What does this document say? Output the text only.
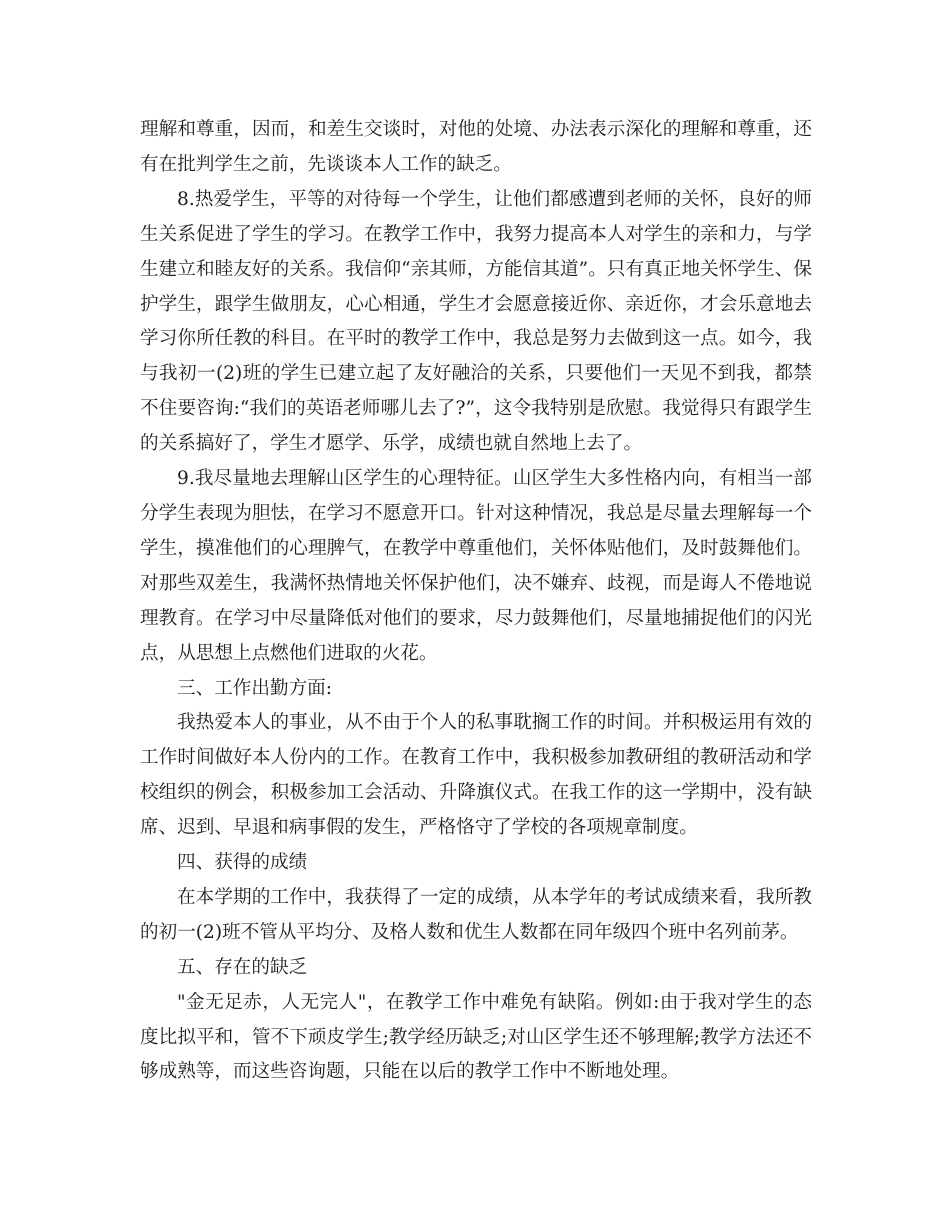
理解和尊重，因而，和差生交谈时，对他的处境、办法表示深化的理解和尊重，还有在批判学生之前，先谈谈本人工作的缺乏。

8.热爱学生，平等的对待每一个学生，让他们都感遭到老师的关怀，良好的师生关系促进了学生的学习。在教学工作中，我努力提高本人对学生的亲和力，与学生建立和睦友好的关系。我信仰“亲其师，方能信其道”。只有真正地关怀学生、保护学生，跟学生做朋友，心心相通，学生才会愿意接近你、亲近你，才会乐意地去学习你所任教的科目。在平时的教学工作中，我总是努力去做到这一点。如今，我与我初一(2)班的学生已建立起了友好融洽的关系，只要他们一天见不到我，都禁不住要咨询:“我们的英语老师哪儿去了?”，这令我特别是欣慰。我觉得只有跟学生的关系搞好了，学生才愿学、乐学，成绩也就自然地上去了。

9.我尽量地去理解山区学生的心理特征。山区学生大多性格内向，有相当一部分学生表现为胆怯，在学习不愿意开口。针对这种情况，我总是尽量去理解每一个学生，摸准他们的心理脾气，在教学中尊重他们，关怀体贴他们，及时鼓舞他们。对那些双差生，我满怀热情地关怀保护他们，决不嫌弃、歧视，而是诲人不倦地说理教育。在学习中尽量降低对他们的要求，尽力鼓舞他们，尽量地捕捉他们的闪光点，从思想上点燃他们进取的火花。

三、工作出勤方面:

我热爱本人的事业，从不由于个人的私事耽搁工作的时间。并积极运用有效的工作时间做好本人份内的工作。在教育工作中，我积极参加教研组的教研活动和学校组织的例会，积极参加工会活动、升降旗仪式。在我工作的这一学期中，没有缺席、迟到、早退和病事假的发生，严格恪守了学校的各项规章制度。

四、获得的成绩

在本学期的工作中，我获得了一定的成绩，从本学年的考试成绩来看，我所教的初一(2)班不管从平均分、及格人数和优生人数都在同年级四个班中名列前茅。

五、存在的缺乏

"金无足赤，人无完人"，在教学工作中难免有缺陷。例如:由于我对学生的态度比拟平和，管不下顽皮学生;教学经历缺乏;对山区学生还不够理解;教学方法还不够成熟等，而这些咨询题，只能在以后的教学工作中不断地处理。
